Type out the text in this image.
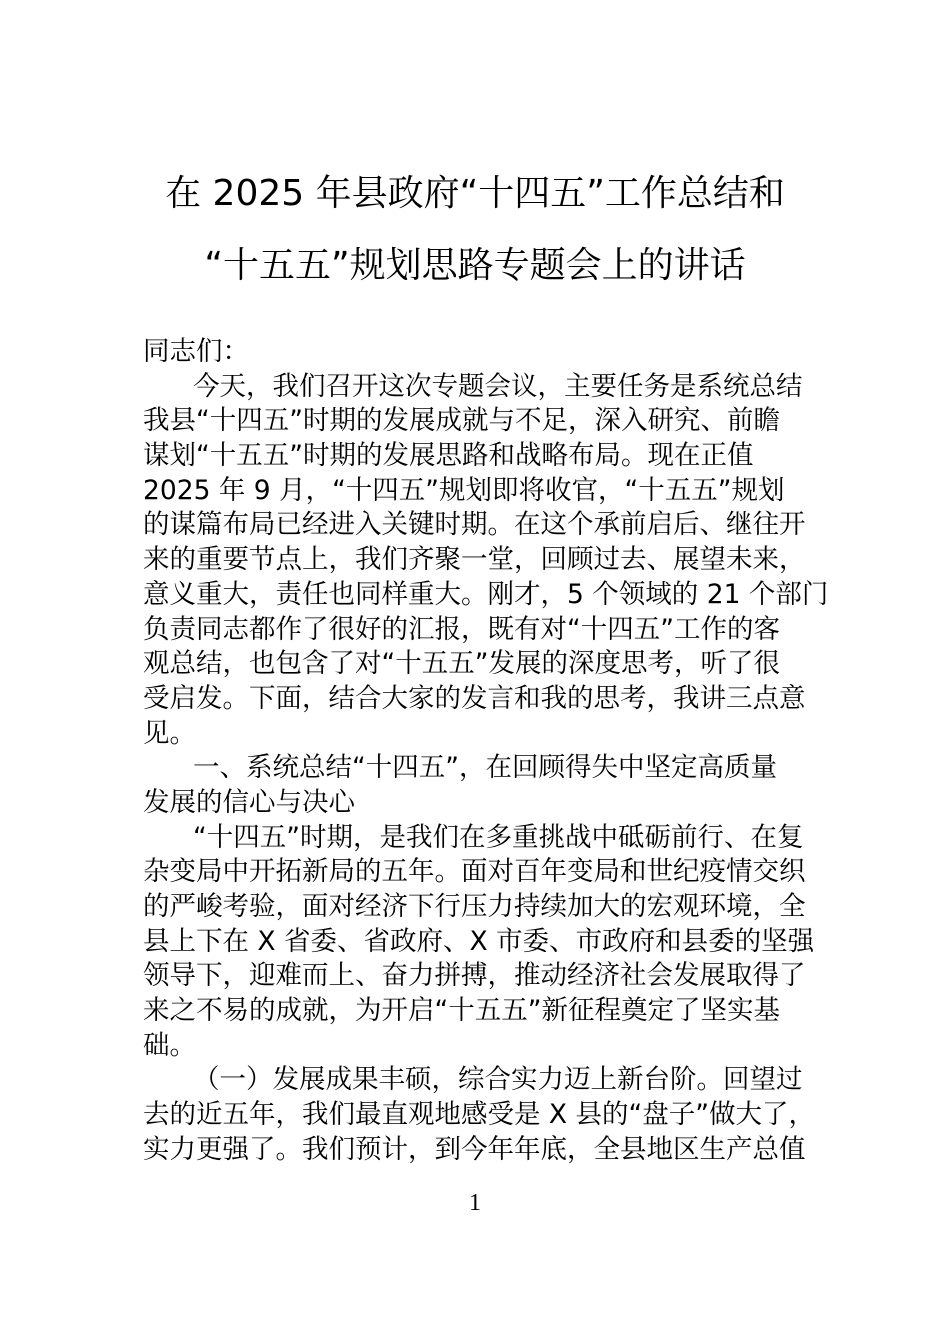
在 2025 年县政府“十四五”工作总结和
“十五五”规划思路专题会上的讲话
同志们：
今天，我们召开这次专题会议，主要任务是系统总结
我县“十四五”时期的发展成就与不足，深入研究、前瞻
谋划“十五五”时期的发展思路和战略布局。现在正值
2025 年 9 月，“十四五”规划即将收官，“十五五”规划
的谋篇布局已经进入关键时期。在这个承前启后、继往开
来的重要节点上，我们齐聚一堂，回顾过去、展望未来，
意义重大，责任也同样重大。刚才，5 个领域的 21 个部门
负责同志都作了很好的汇报，既有对“十四五”工作的客
观总结，也包含了对“十五五”发展的深度思考，听了很
受启发。下面，结合大家的发言和我的思考，我讲三点意
见。
一、系统总结“十四五”，在回顾得失中坚定高质量
发展的信心与决心
“十四五”时期，是我们在多重挑战中砥砺前行、在复
杂变局中开拓新局的五年。面对百年变局和世纪疫情交织
的严峻考验，面对经济下行压力持续加大的宏观环境，全
县上下在 X 省委、省政府、X 市委、市政府和县委的坚强
领导下，迎难而上、奋力拼搏，推动经济社会发展取得了
来之不易的成就，为开启“十五五”新征程奠定了坚实基
础。
（一）发展成果丰硕，综合实力迈上新台阶。回望过
去的近五年，我们最直观地感受是 X 县的“盘子”做大了，
实力更强了。我们预计，到今年年底，全县地区生产总值
1
